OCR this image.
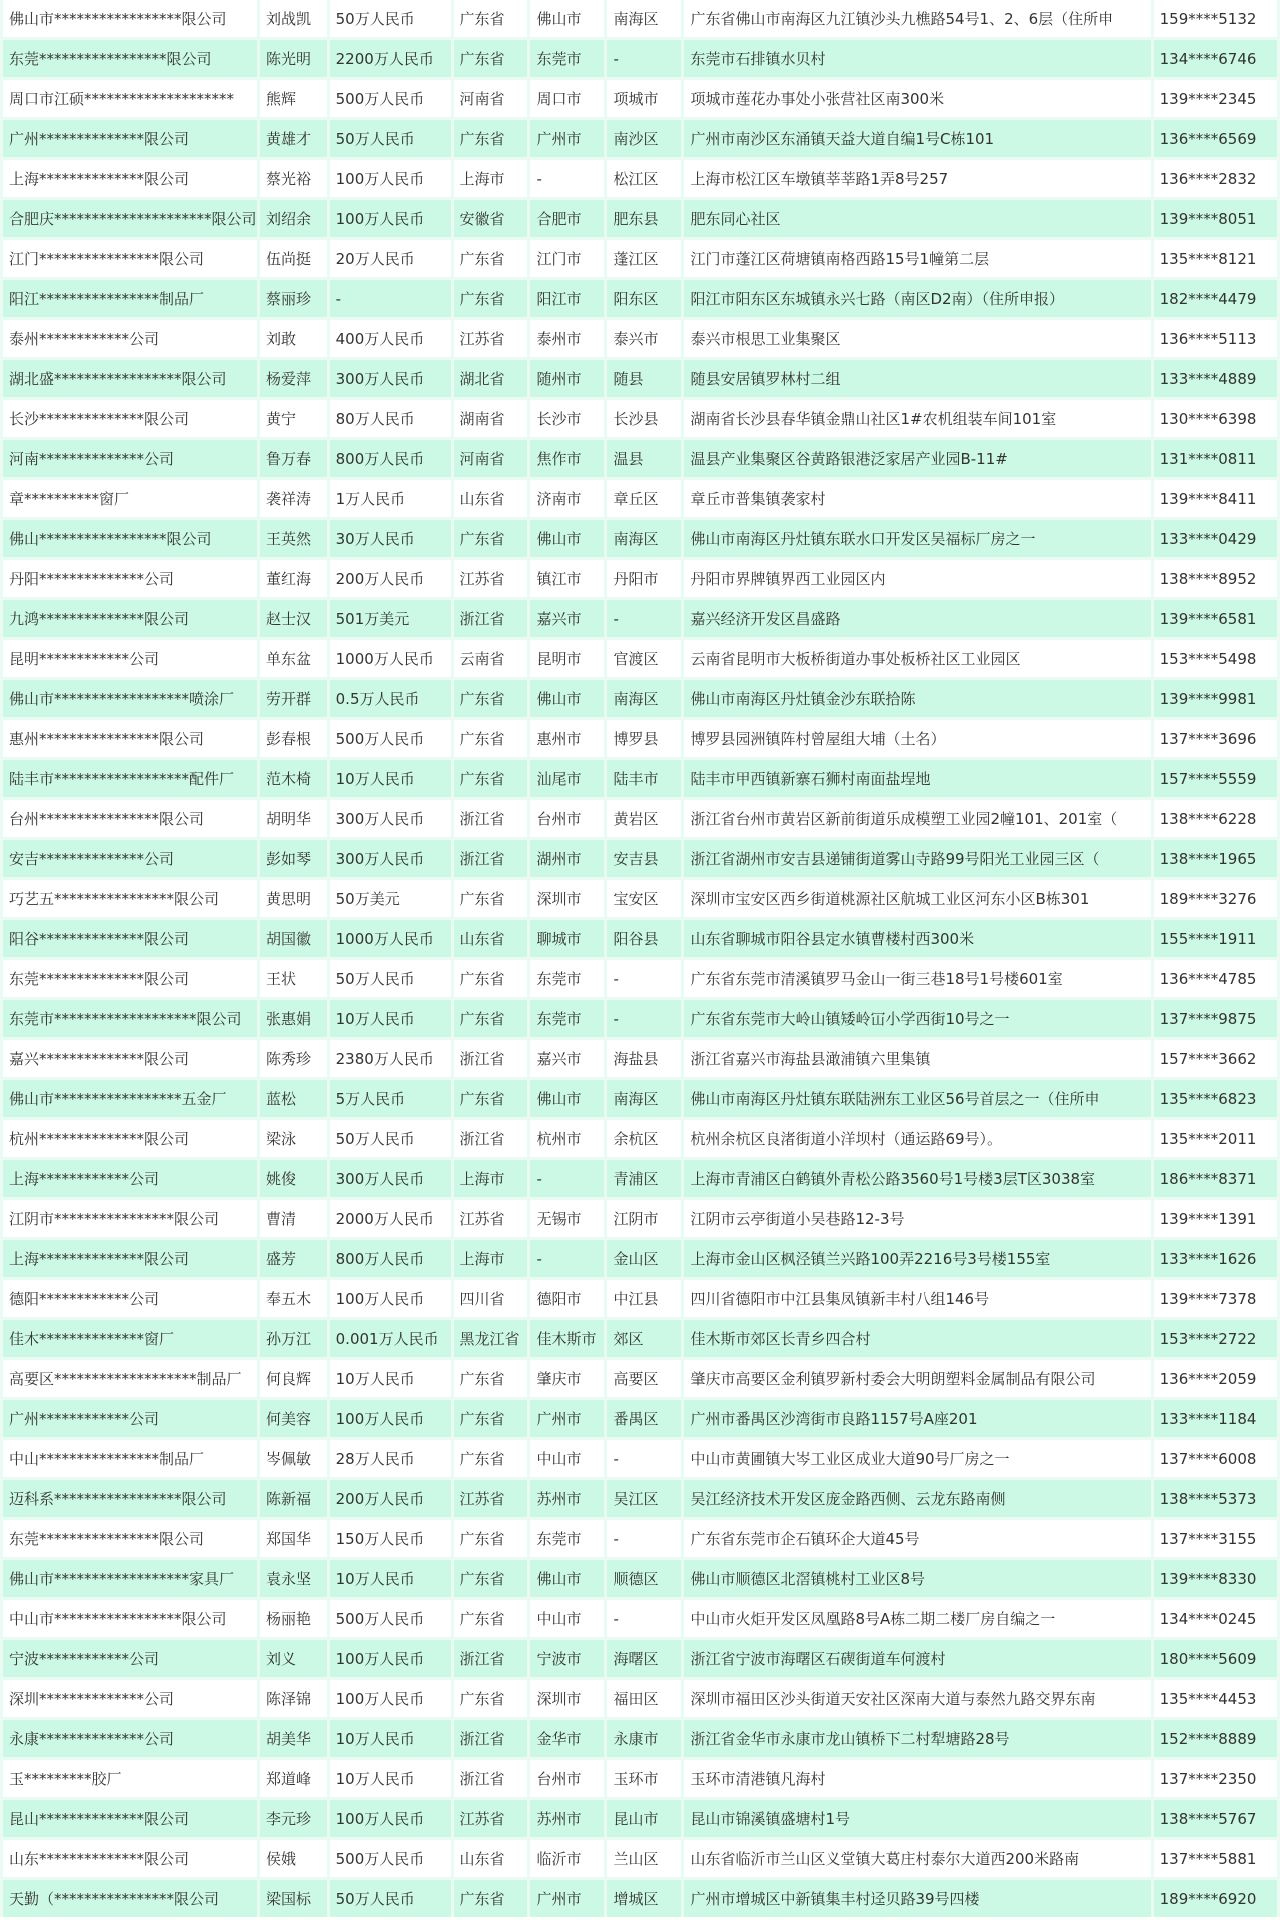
佛山市*****************限公司	刘战凯	50万人民币	广东省	佛山市	南海区	广东省佛山市南海区九江镇沙头九樵路54号1、2、6层（住所申	159****5132
东莞*****************限公司	陈光明	2200万人民币	广东省	东莞市	-	东莞市石排镇水贝村	134****6746
周口市江硕********************	熊辉	500万人民币	河南省	周口市	项城市	项城市莲花办事处小张营社区南300米	139****2345
广州**************限公司	黄雄才	50万人民币	广东省	广州市	南沙区	广州市南沙区东涌镇天益大道自编1号C栋101	136****6569
上海**************限公司	蔡光裕	100万人民币	上海市	-	松江区	上海市松江区车墩镇莘莘路1弄8号257	136****2832
合肥庆*********************限公司	刘绍余	100万人民币	安徽省	合肥市	肥东县	肥东同心社区	139****8051
江门****************限公司	伍尚挺	20万人民币	广东省	江门市	蓬江区	江门市蓬江区荷塘镇南格西路15号1幢第二层	135****8121
阳江****************制品厂	蔡丽珍	-	广东省	阳江市	阳东区	阳江市阳东区东城镇永兴七路（南区D2南）（住所申报）	182****4479
泰州************公司	刘敢	400万人民币	江苏省	泰州市	泰兴市	泰兴市根思工业集聚区	136****5113
湖北盛*****************限公司	杨爱萍	300万人民币	湖北省	随州市	随县	随县安居镇罗林村二组	133****4889
长沙**************限公司	黄宁	80万人民币	湖南省	长沙市	长沙县	湖南省长沙县春华镇金鼎山社区1#农机组装车间101室	130****6398
河南**************公司	鲁万春	800万人民币	河南省	焦作市	温县	温县产业集聚区谷黄路银港泛家居产业园B-11#	131****0811
章**********窗厂	袭祥涛	1万人民币	山东省	济南市	章丘区	章丘市普集镇袭家村	139****8411
佛山*****************限公司	王英然	30万人民币	广东省	佛山市	南海区	佛山市南海区丹灶镇东联水口开发区吴福标厂房之一	133****0429
丹阳**************公司	董红海	200万人民币	江苏省	镇江市	丹阳市	丹阳市界牌镇界西工业园区内	138****8952
九鸿**************限公司	赵士汉	501万美元	浙江省	嘉兴市	-	嘉兴经济开发区昌盛路	139****6581
昆明************公司	单东盆	1000万人民币	云南省	昆明市	官渡区	云南省昆明市大板桥街道办事处板桥社区工业园区	153****5498
佛山市******************喷涂厂	劳开群	0.5万人民币	广东省	佛山市	南海区	佛山市南海区丹灶镇金沙东联拾陈	139****9981
惠州****************限公司	彭春根	500万人民币	广东省	惠州市	博罗县	博罗县园洲镇阵村曾屋组大埔（土名）	137****3696
陆丰市******************配件厂	范木椅	10万人民币	广东省	汕尾市	陆丰市	陆丰市甲西镇新寨石狮村南面盐埕地	157****5559
台州****************限公司	胡明华	300万人民币	浙江省	台州市	黄岩区	浙江省台州市黄岩区新前街道乐成模塑工业园2幢101、201室（	138****6228
安吉**************公司	彭如琴	300万人民币	浙江省	湖州市	安吉县	浙江省湖州市安吉县递铺街道雾山寺路99号阳光工业园三区（	138****1965
巧艺五****************限公司	黄思明	50万美元	广东省	深圳市	宝安区	深圳市宝安区西乡街道桃源社区航城工业区河东小区B栋301	189****3276
阳谷**************限公司	胡国徽	1000万人民币	山东省	聊城市	阳谷县	山东省聊城市阳谷县定水镇曹楼村西300米	155****1911
东莞**************限公司	王状	50万人民币	广东省	东莞市	-	广东省东莞市清溪镇罗马金山一街三巷18号1号楼601室	136****4785
东莞市*******************限公司	张惠娟	10万人民币	广东省	东莞市	-	广东省东莞市大岭山镇矮岭冚小学西街10号之一	137****9875
嘉兴**************限公司	陈秀珍	2380万人民币	浙江省	嘉兴市	海盐县	浙江省嘉兴市海盐县澉浦镇六里集镇	157****3662
佛山市*****************五金厂	蓝松	5万人民币	广东省	佛山市	南海区	佛山市南海区丹灶镇东联陆洲东工业区56号首层之一（住所申	135****6823
杭州**************限公司	梁泳	50万人民币	浙江省	杭州市	余杭区	杭州余杭区良渚街道小洋坝村（通运路69号）。	135****2011
上海************公司	姚俊	300万人民币	上海市	-	青浦区	上海市青浦区白鹤镇外青松公路3560号1号楼3层T区3038室	186****8371
江阴市****************限公司	曹清	2000万人民币	江苏省	无锡市	江阴市	江阴市云亭街道小吴巷路12-3号	139****1391
上海**************限公司	盛芳	800万人民币	上海市	-	金山区	上海市金山区枫泾镇兰兴路100弄2216号3号楼155室	133****1626
德阳************公司	奉五木	100万人民币	四川省	德阳市	中江县	四川省德阳市中江县集凤镇新丰村八组146号	139****7378
佳木**************窗厂	孙万江	0.001万人民币	黑龙江省	佳木斯市	郊区	佳木斯市郊区长青乡四合村	153****2722
高要区*******************制品厂	何良辉	10万人民币	广东省	肇庆市	高要区	肇庆市高要区金利镇罗新村委会大明朗塑料金属制品有限公司	136****2059
广州************公司	何美容	100万人民币	广东省	广州市	番禺区	广州市番禺区沙湾街市良路1157号A座201	133****1184
中山****************制品厂	岑佩敏	28万人民币	广东省	中山市	-	中山市黄圃镇大岑工业区成业大道90号厂房之一	137****6008
迈科系*****************限公司	陈新福	200万人民币	江苏省	苏州市	吴江区	吴江经济技术开发区庞金路西侧、云龙东路南侧	138****5373
东莞****************限公司	郑国华	150万人民币	广东省	东莞市	-	广东省东莞市企石镇环企大道45号	137****3155
佛山市******************家具厂	袁永坚	10万人民币	广东省	佛山市	顺德区	佛山市顺德区北滘镇桃村工业区8号	139****8330
中山市*****************限公司	杨丽艳	500万人民币	广东省	中山市	-	中山市火炬开发区凤凰路8号A栋二期二楼厂房自编之一	134****0245
宁波************公司	刘义	100万人民币	浙江省	宁波市	海曙区	浙江省宁波市海曙区石碶街道车何渡村	180****5609
深圳**************公司	陈泽锦	100万人民币	广东省	深圳市	福田区	深圳市福田区沙头街道天安社区深南大道与泰然九路交界东南	135****4453
永康**************公司	胡美华	10万人民币	浙江省	金华市	永康市	浙江省金华市永康市龙山镇桥下二村犁塘路28号	152****8889
玉*********胶厂	郑道峰	10万人民币	浙江省	台州市	玉环市	玉环市清港镇凡海村	137****2350
昆山**************限公司	李元珍	100万人民币	江苏省	苏州市	昆山市	昆山市锦溪镇盛塘村1号	138****5767
山东**************限公司	侯娥	500万人民币	山东省	临沂市	兰山区	山东省临沂市兰山区义堂镇大葛庄村泰尔大道西200米路南	137****5881
天勤（****************限公司	梁国标	50万人民币	广东省	广州市	增城区	广州市增城区中新镇集丰村迳贝路39号四楼	189****6920
